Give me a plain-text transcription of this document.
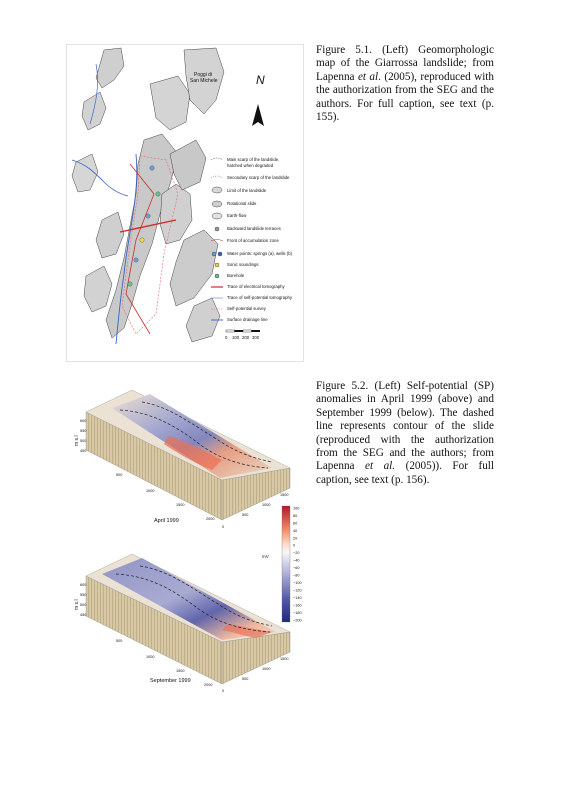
Poggi di
San Michele	N
Main scarp of the landslide,
hatched when degraded
Secondary scarp of the landslide
Limit of the landslide
Rotational slide
Earth-flow
Backward landslide terraces
Front of accumulation zone
Water points: springs (a), wells (b)
Sonic soundings
Borehole
Trace of electrical tomography
Trace of self-potential tomography
Self-potential survey
Surface drainage line
0 100 200 300
Figure 5.1. (Left) Geomorphologic map of the Giarrossa landslide; from Lapenna et al. (2005), reproduced with the authorization from the SEG and the authors. For full caption, see text (p. 155).
m s.l
600
550
500
450
500
1000
1500
2000
0
500
1000
1500
April 1999
mV
100
80
60
40
20
0
−20
−40
−60
−80
−100
−120
−140
−160
−180
−200
m s.l
600
550
500
450
500
1000
1500
2000
0
500
1000
1500
September 1999
Figure 5.2. (Left) Self-potential (SP) anomalies in April 1999 (above) and September 1999 (below). The dashed line represents contour of the slide (reproduced with the authorization from the SEG and the authors; from Lapenna et al. (2005)). For full caption, see text (p. 156).
